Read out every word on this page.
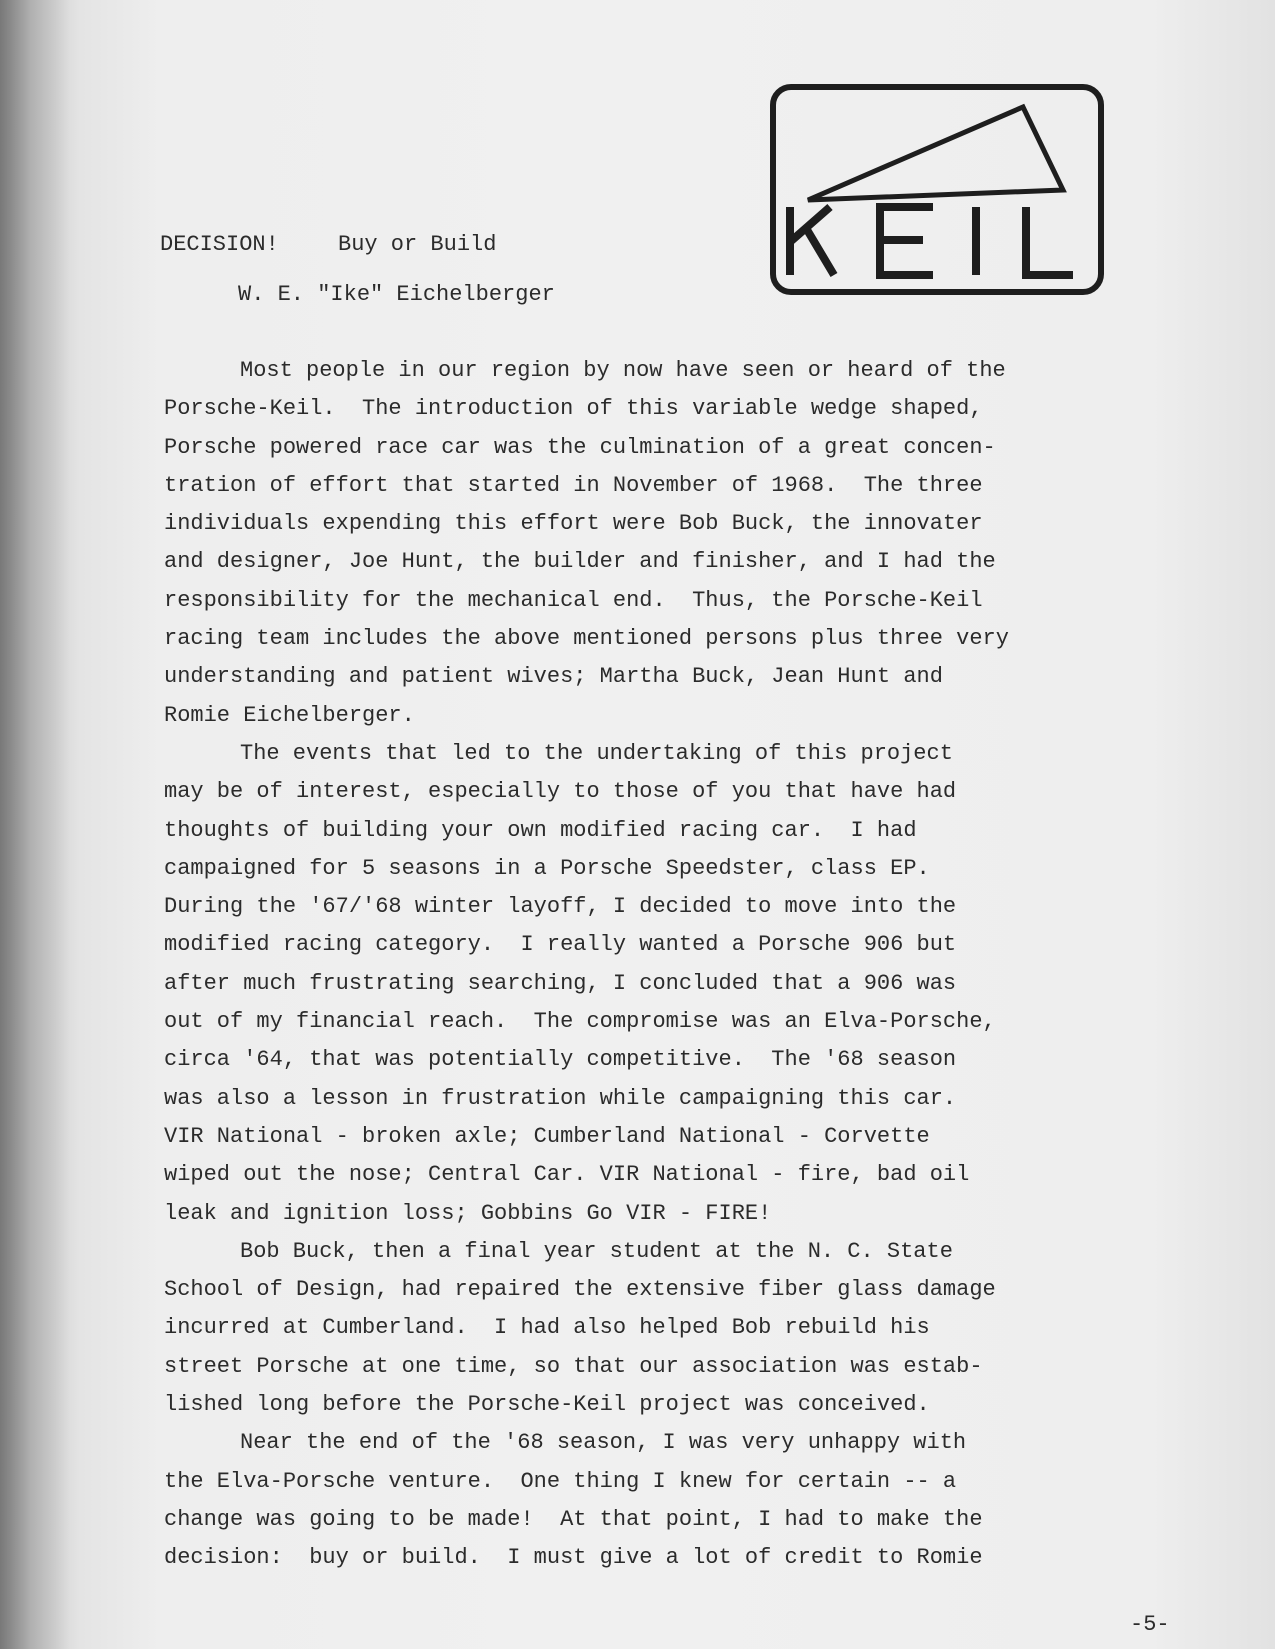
DECISION!	Buy or Build
W. E. "Ike" Eichelberger
Most people in our region by now have seen or heard of the
Porsche-Keil.  The introduction of this variable wedge shaped,
Porsche powered race car was the culmination of a great concen-
tration of effort that started in November of 1968.  The three
individuals expending this effort were Bob Buck, the innovater
and designer, Joe Hunt, the builder and finisher, and I had the
responsibility for the mechanical end.  Thus, the Porsche-Keil
racing team includes the above mentioned persons plus three very
understanding and patient wives; Martha Buck, Jean Hunt and
Romie Eichelberger.
The events that led to the undertaking of this project
may be of interest, especially to those of you that have had
thoughts of building your own modified racing car.  I had
campaigned for 5 seasons in a Porsche Speedster, class EP.
During the '67/'68 winter layoff, I decided to move into the
modified racing category.  I really wanted a Porsche 906 but
after much frustrating searching, I concluded that a 906 was
out of my financial reach.  The compromise was an Elva-Porsche,
circa '64, that was potentially competitive.  The '68 season
was also a lesson in frustration while campaigning this car.
VIR National - broken axle; Cumberland National - Corvette
wiped out the nose; Central Car. VIR National - fire, bad oil
leak and ignition loss; Gobbins Go VIR - FIRE!
Bob Buck, then a final year student at the N. C. State
School of Design, had repaired the extensive fiber glass damage
incurred at Cumberland.  I had also helped Bob rebuild his
street Porsche at one time, so that our association was estab-
lished long before the Porsche-Keil project was conceived.
Near the end of the '68 season, I was very unhappy with
the Elva-Porsche venture.  One thing I knew for certain -- a
change was going to be made!  At that point, I had to make the
decision:  buy or build.  I must give a lot of credit to Romie
-5-
